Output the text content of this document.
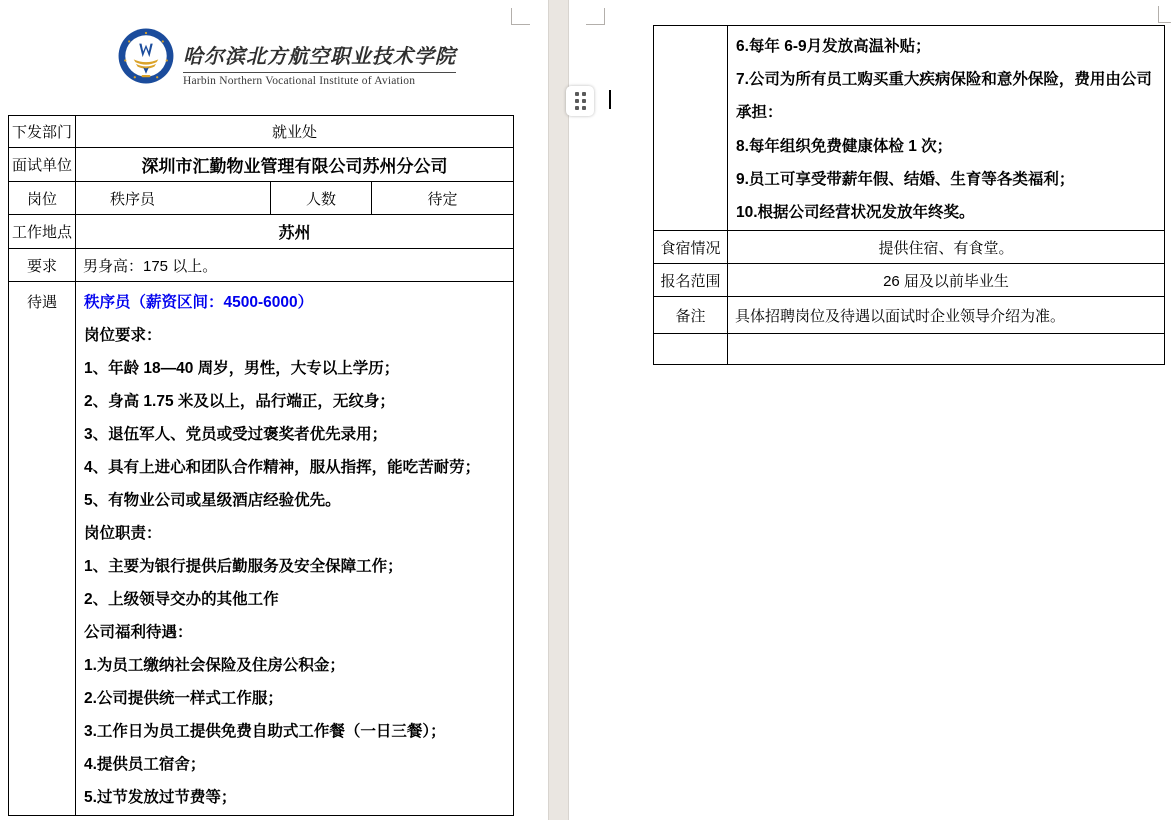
哈尔滨北方航空职业技术学院
Harbin Northern Vocational Institute of Aviation
下发部门	就业处		
面试单位	深圳市汇勤物业管理有限公司苏州分公司		
岗位	秩序员	人数	待定
工作地点	苏州		
要求	男身高：175 以上。		
待遇	秩序员（薪资区间：4500-6000）

岗位要求：

1、年龄 18—40 周岁，男性，大专以上学历；

2、身高 1.75 米及以上，品行端正，无纹身；

3、退伍军人、党员或受过褒奖者优先录用；

4、具有上进心和团队合作精神，服从指挥，能吃苦耐劳；

5、有物业公司或星级酒店经验优先。

岗位职责：

1、主要为银行提供后勤服务及安全保障工作；

2、上级领导交办的其他工作

公司福利待遇：

1.为员工缴纳社会保险及住房公积金；

2.公司提供统一样式工作服；

3.工作日为员工提供免费自助式工作餐（一日三餐）；

4.提供员工宿舍；

5.过节发放过节费等；

	6.每年 6-9月发放高温补贴；

7.公司为所有员工购买重大疾病保险和意外保险，费用由公司承担：

8.每年组织免费健康体检 1 次；

9.员工可享受带薪年假、结婚、生育等各类福利；

10.根据公司经营状况发放年终奖。

食宿情况	提供住宿、有食堂。
报名范围	26 届及以前毕业生
备注	具体招聘岗位及待遇以面试时企业领导介绍为准。
